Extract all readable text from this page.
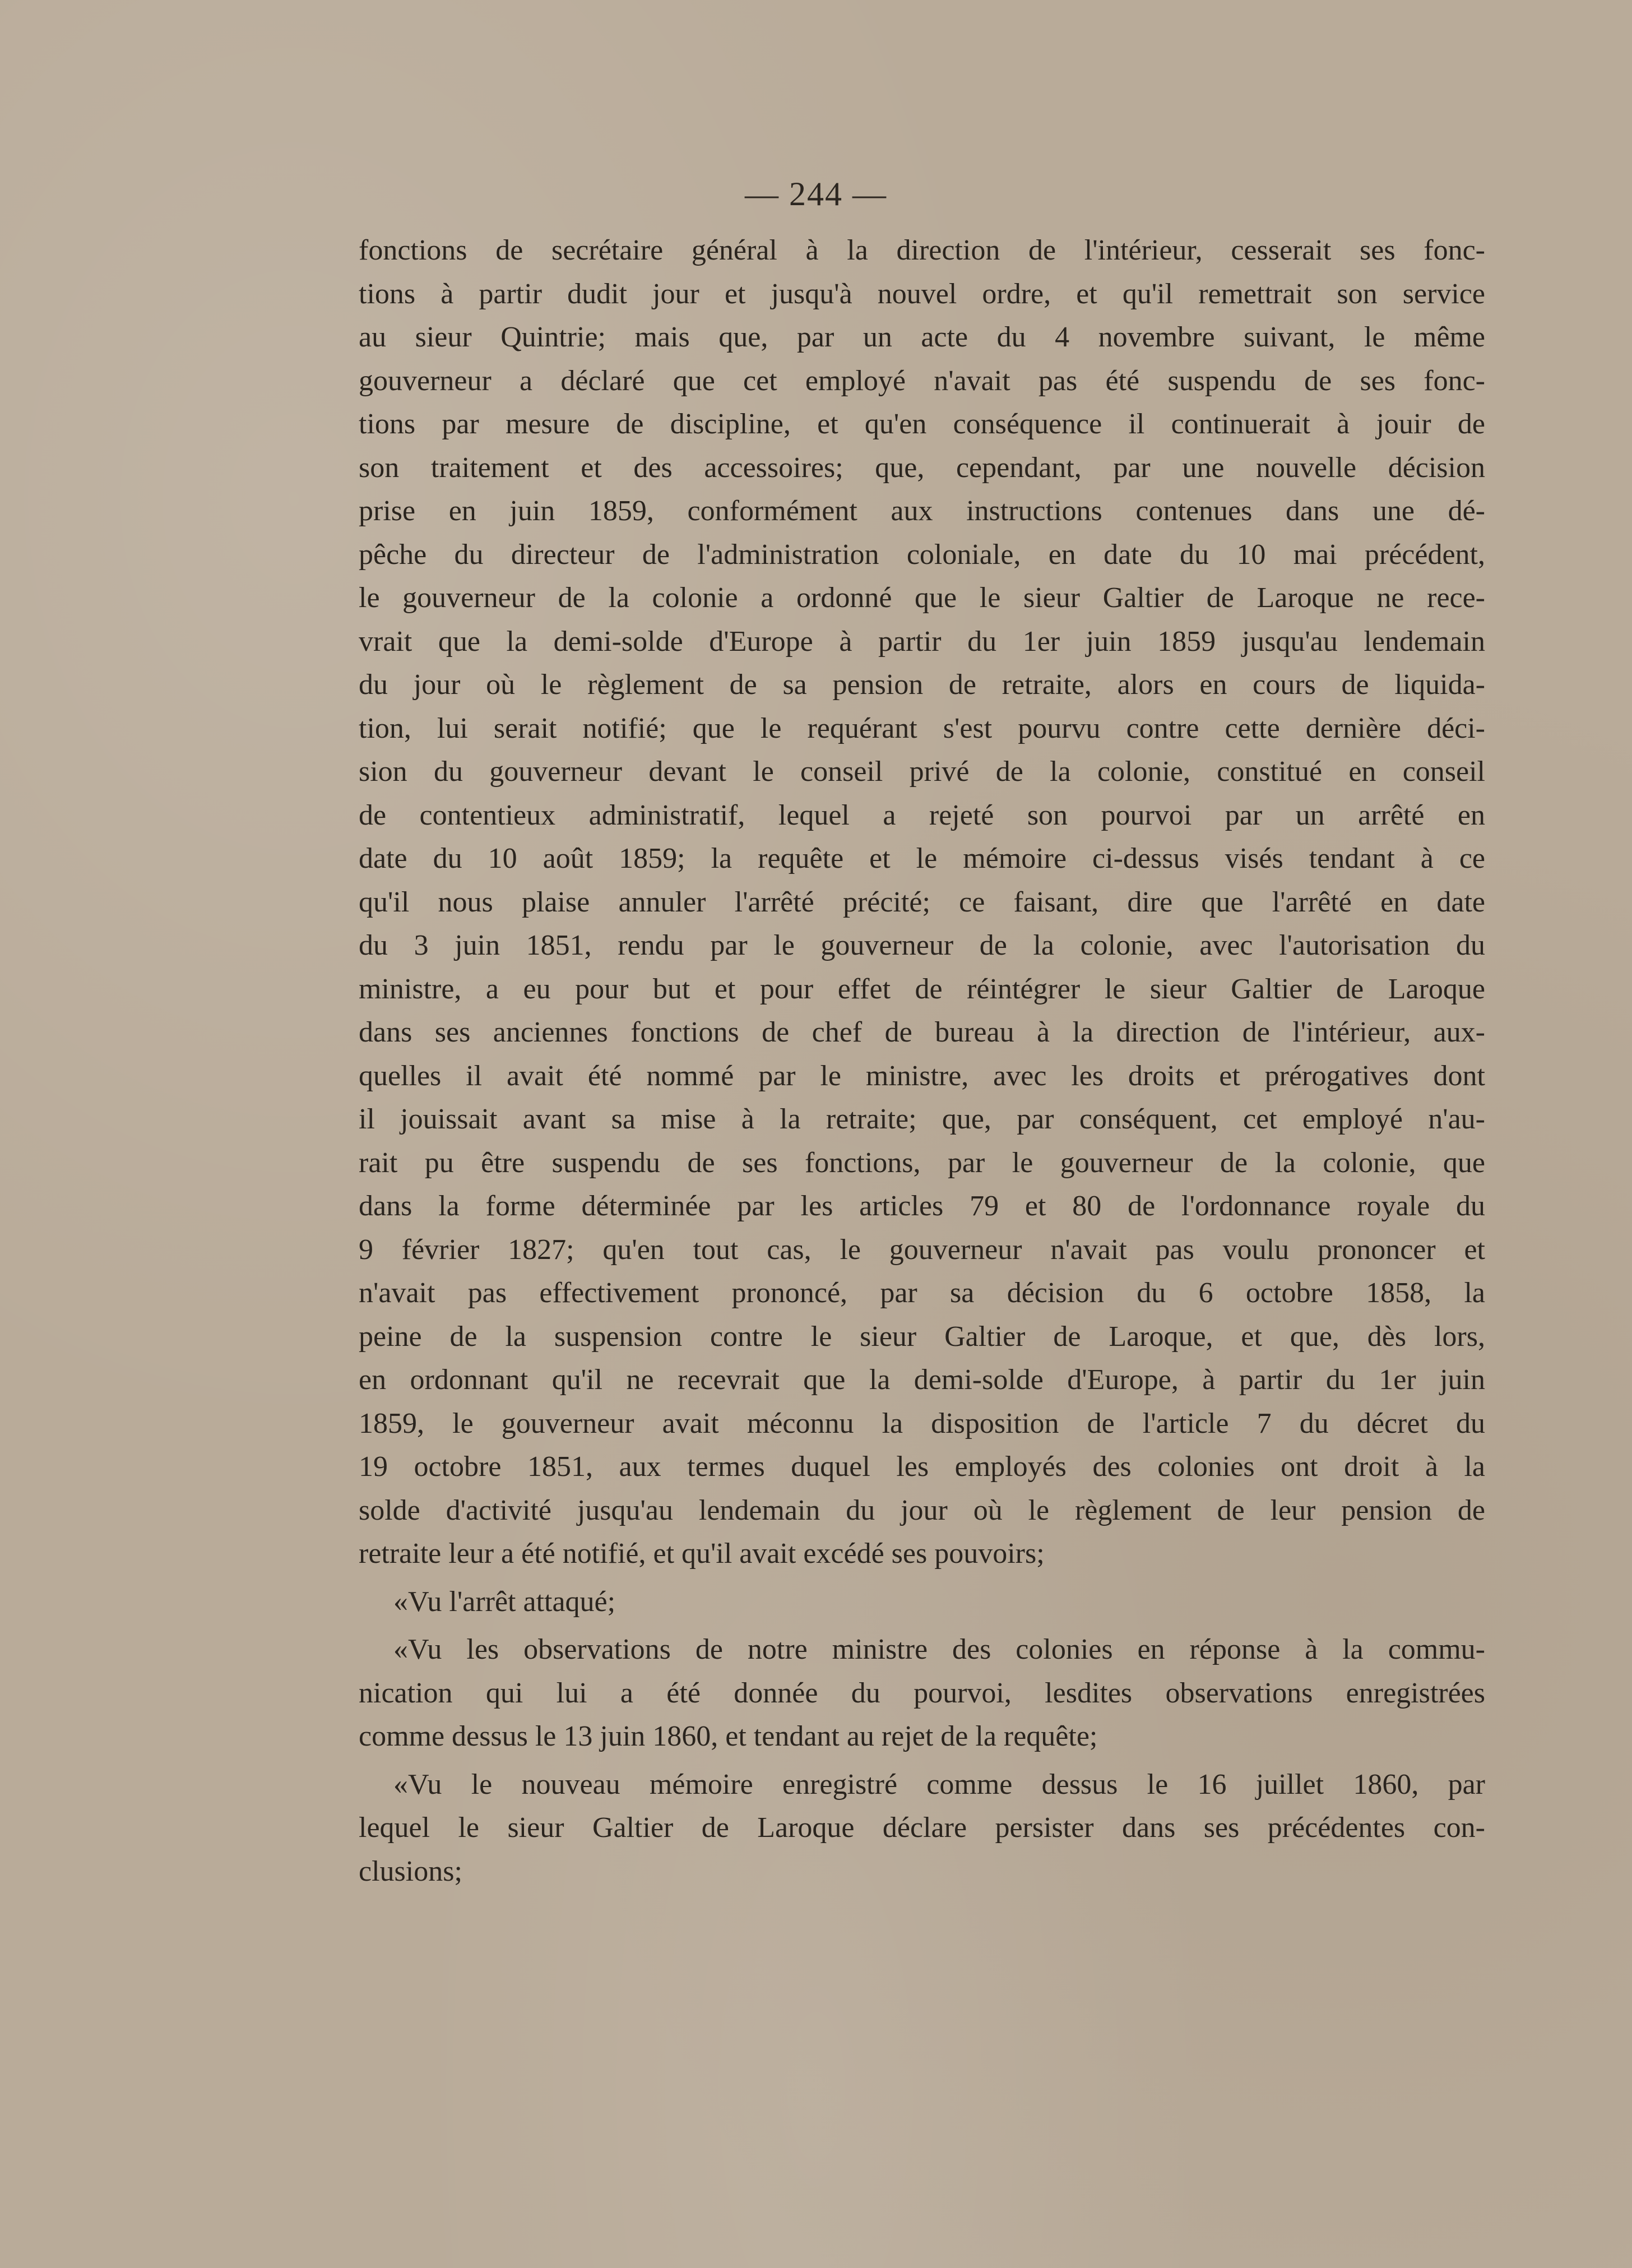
— 244 —
fonctions de secrétaire général à la direction de l'intérieur, cesserait ses fonc-
tions à partir dudit jour et jusqu'à nouvel ordre, et qu'il remettrait son service
au sieur Quintrie; mais que, par un acte du 4 novembre suivant, le même
gouverneur a déclaré que cet employé n'avait pas été suspendu de ses fonc-
tions par mesure de discipline, et qu'en conséquence il continuerait à jouir de
son traitement et des accessoires; que, cependant, par une nouvelle décision
prise en juin 1859, conformément aux instructions contenues dans une dé-
pêche du directeur de l'administration coloniale, en date du 10 mai précédent,
le gouverneur de la colonie a ordonné que le sieur Galtier de Laroque ne rece-
vrait que la demi-solde d'Europe à partir du 1er juin 1859 jusqu'au lendemain
du jour où le règlement de sa pension de retraite, alors en cours de liquida-
tion, lui serait notifié; que le requérant s'est pourvu contre cette dernière déci-
sion du gouverneur devant le conseil privé de la colonie, constitué en conseil
de contentieux administratif, lequel a rejeté son pourvoi par un arrêté en
date du 10 août 1859; la requête et le mémoire ci-dessus visés tendant à ce
qu'il nous plaise annuler l'arrêté précité; ce faisant, dire que l'arrêté en date
du 3 juin 1851, rendu par le gouverneur de la colonie, avec l'autorisation du
ministre, a eu pour but et pour effet de réintégrer le sieur Galtier de Laroque
dans ses anciennes fonctions de chef de bureau à la direction de l'intérieur, aux-
quelles il avait été nommé par le ministre, avec les droits et prérogatives dont
il jouissait avant sa mise à la retraite; que, par conséquent, cet employé n'au-
rait pu être suspendu de ses fonctions, par le gouverneur de la colonie, que
dans la forme déterminée par les articles 79 et 80 de l'ordonnance royale du
9 février 1827; qu'en tout cas, le gouverneur n'avait pas voulu prononcer et
n'avait pas effectivement prononcé, par sa décision du 6 octobre 1858, la
peine de la suspension contre le sieur Galtier de Laroque, et que, dès lors,
en ordonnant qu'il ne recevrait que la demi-solde d'Europe, à partir du 1er juin
1859, le gouverneur avait méconnu la disposition de l'article 7 du décret du
19 octobre 1851, aux termes duquel les employés des colonies ont droit à la
solde d'activité jusqu'au lendemain du jour où le règlement de leur pension de
retraite leur a été notifié, et qu'il avait excédé ses pouvoirs;
«Vu l'arrêt attaqué;
«Vu les observations de notre ministre des colonies en réponse à la commu-
nication qui lui a été donnée du pourvoi, lesdites observations enregistrées
comme dessus le 13 juin 1860, et tendant au rejet de la requête;
«Vu le nouveau mémoire enregistré comme dessus le 16 juillet 1860, par
lequel le sieur Galtier de Laroque déclare persister dans ses précédentes con-
clusions;
